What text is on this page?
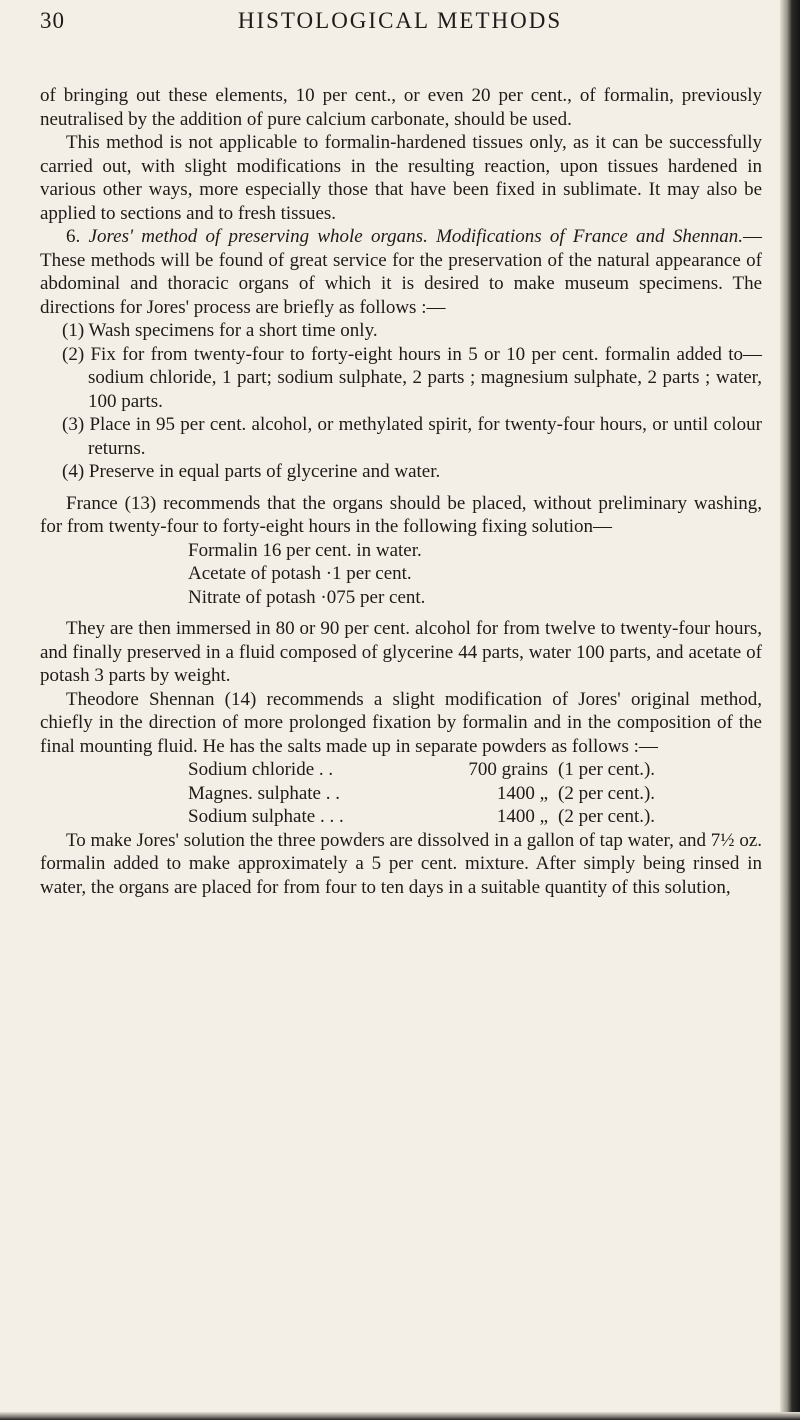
30	HISTOLOGICAL METHODS

of bringing out these elements, 10 per cent., or even 20 per cent., of formalin, previously neutralised by the addition of pure calcium carbonate, should be used.

This method is not applicable to formalin-hardened tissues only, as it can be successfully carried out, with slight modifications in the resulting reaction, upon tissues hardened in various other ways, more especially those that have been fixed in sublimate. It may also be applied to sections and to fresh tissues.

6. Jores' method of preserving whole organs. Modifications of France and Shennan.—These methods will be found of great service for the preservation of the natural appearance of abdominal and thoracic organs of which it is desired to make museum specimens. The directions for Jores' process are briefly as follows :—

(1) Wash specimens for a short time only.

(2) Fix for from twenty-four to forty-eight hours in 5 or 10 per cent. formalin added to—sodium chloride, 1 part; sodium sulphate, 2 parts ; magnesium sulphate, 2 parts ; water, 100 parts.

(3) Place in 95 per cent. alcohol, or methylated spirit, for twenty-four hours, or until colour returns.

(4) Preserve in equal parts of glycerine and water.

France (13) recommends that the organs should be placed, without preliminary washing, for from twenty-four to forty-eight hours in the following fixing solution—

Formalin 16 per cent. in water.

Acetate of potash ·1 per cent.

Nitrate of potash ·075 per cent.

They are then immersed in 80 or 90 per cent. alcohol for from twelve to twenty-four hours, and finally preserved in a fluid composed of glycerine 44 parts, water 100 parts, and acetate of potash 3 parts by weight.

Theodore Shennan (14) recommends a slight modification of Jores' original method, chiefly in the direction of more prolonged fixation by formalin and in the composition of the final mounting fluid. He has the salts made up in separate powders as follows :—

Sodium chloride . .	700 grains	(1 per cent.).
Magnes. sulphate . .	1400 „	(2 per cent.).
Sodium sulphate . . .	1400 „	(2 per cent.).

To make Jores' solution the three powders are dissolved in a gallon of tap water, and 7½ oz. formalin added to make approximately a 5 per cent. mixture. After simply being rinsed in water, the organs are placed for from four to ten days in a suitable quantity of this solution,
